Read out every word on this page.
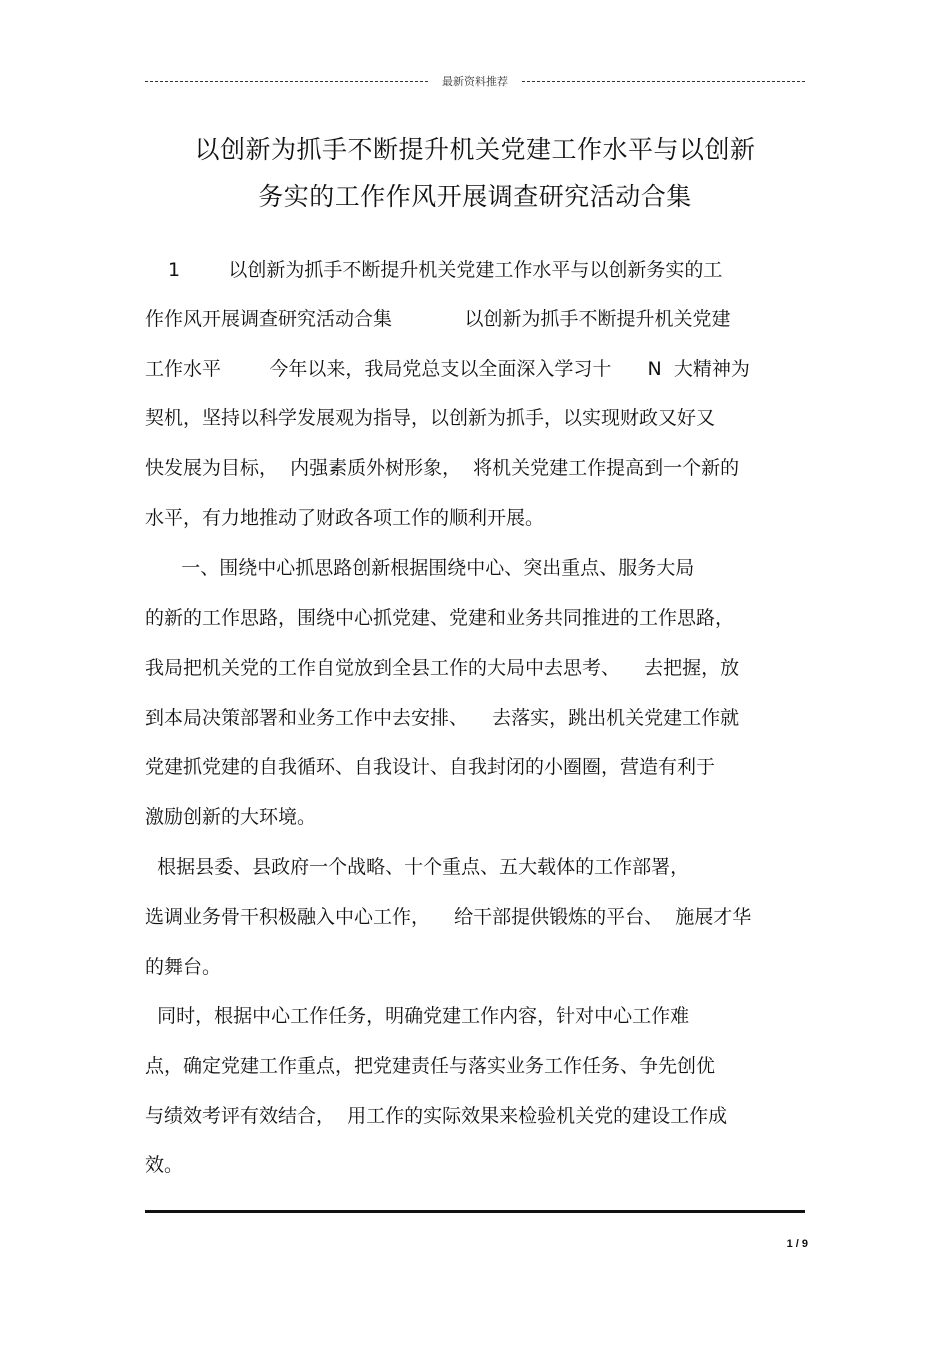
最新资料推荐
以创新为抓手不断提升机关党建工作水平与以创新
务实的工作作风开展调查研究活动合集
1        以创新为抓手不断提升机关党建工作水平与以创新务实的工
作作风开展调查研究活动合集            以创新为抓手不断提升机关党建
工作水平        今年以来，我局党总支以全面深入学习十      N  大精神为
契机，坚持以科学发展观为指导，以创新为抓手，以实现财政又好又
快发展为目标，  内强素质外树形象，  将机关党建工作提高到一个新的
水平，有力地推动了财政各项工作的顺利开展。
一、围绕中心抓思路创新根据围绕中心、突出重点、服务大局
的新的工作思路，围绕中心抓党建、党建和业务共同推进的工作思路，
我局把机关党的工作自觉放到全县工作的大局中去思考、    去把握，放
到本局决策部署和业务工作中去安排、    去落实，跳出机关党建工作就
党建抓党建的自我循环、自我设计、自我封闭的小圈圈，营造有利于
激励创新的大环境。
根据县委、县政府一个战略、十个重点、五大载体的工作部署，
选调业务骨干积极融入中心工作，    给干部提供锻炼的平台、  施展才华
的舞台。
同时，根据中心工作任务，明确党建工作内容，针对中心工作难
点，确定党建工作重点，把党建责任与落实业务工作任务、争先创优
与绩效考评有效结合，  用工作的实际效果来检验机关党的建设工作成
效。
1 / 9
